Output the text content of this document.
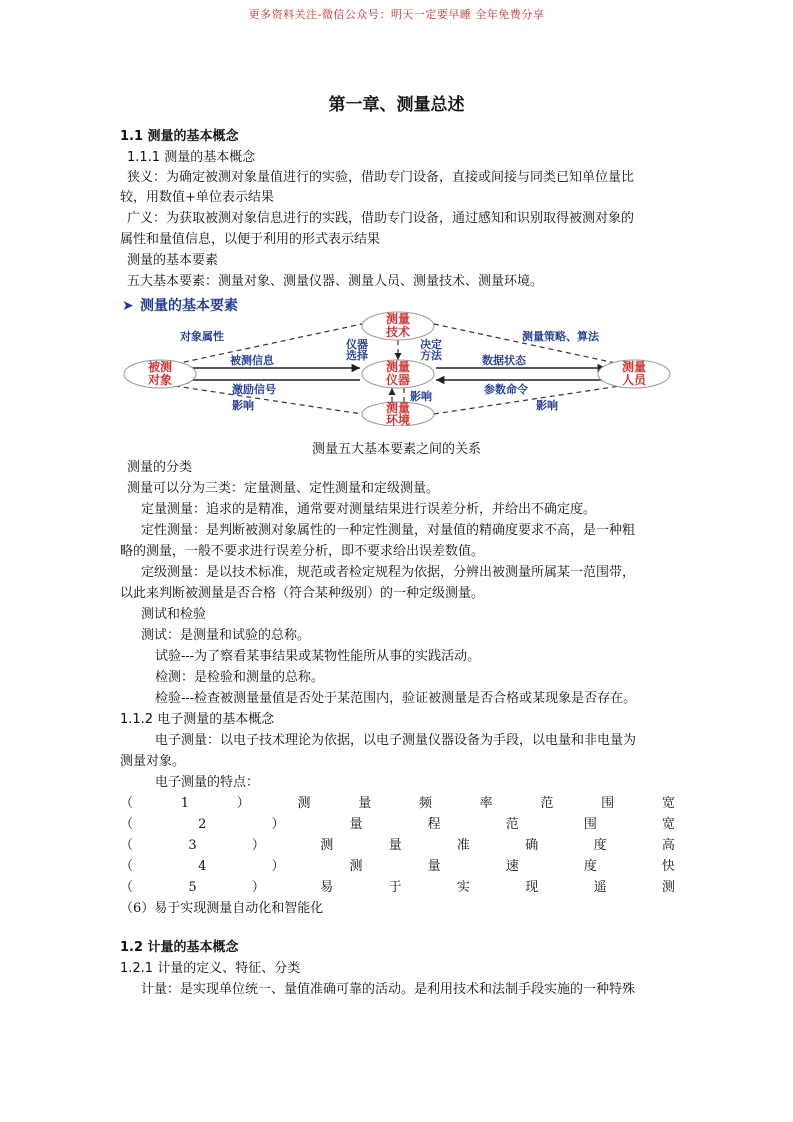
更多资料关注-微信公众号：明天一定要早睡 全年免费分享
第一章、测量总述
1.1 测量的基本概念
1.1.1 测量的基本概念
狭义：为确定被测对象量值进行的实验，借助专门设备，直接或间接与同类已知单位量比
较，用数值+单位表示结果
广义：为获取被测对象信息进行的实践，借助专门设备，通过感知和识别取得被测对象的
属性和量值信息，以便于利用的形式表示结果
测量的基本要素
五大基本要素：测量对象、测量仪器、测量人员、测量技术、测量环境。
➤ 测量的基本要素
测量
技术
被测
对象
测量
仪器
测量
人员
测量
环境
对象属性	测量策略、算法
仪器
选择
决定
方法
被测信息	数据状态
激励信号	参数命令
影响
影响
影响
测量五大基本要素之间的关系
测量的分类
测量可以分为三类：定量测量、定性测量和定级测量。
定量测量：追求的是精准，通常要对测量结果进行误差分析，并给出不确定度。
定性测量：是判断被测对象属性的一种定性测量，对量值的精确度要求不高，是一种粗
略的测量，一般不要求进行误差分析，即不要求给出误差数值。
定级测量：是以技术标准，规范或者检定规程为依据，分辨出被测量所属某一范围带，
以此来判断被测量是否合格（符合某种级别）的一种定级测量。
测试和检验
测试：是测量和试验的总称。
试验---为了察看某事结果或某物性能所从事的实践活动。
检测：是检验和测量的总称。
检验---检查被测量量值是否处于某范围内，验证被测量是否合格或某现象是否存在。
1.1.2 电子测量的基本概念
电子测量：以电子技术理论为依据，以电子测量仪器设备为手段，以电量和非电量为
测量对象。
电子测量的特点：
（	1	）	测	量	频	率	范	围	宽
（	2	）	量	程	范	围	宽
（	3	）	测	量	准	确	度	高
（	4	）	测	量	速	度	快
（	5	）	易	于	实	现	遥	测
（6）易于实现测量自动化和智能化
1.2 计量的基本概念
1.2.1 计量的定义、特征、分类
计量：是实现单位统一、量值准确可靠的活动。是利用技术和法制手段实施的一种特殊
